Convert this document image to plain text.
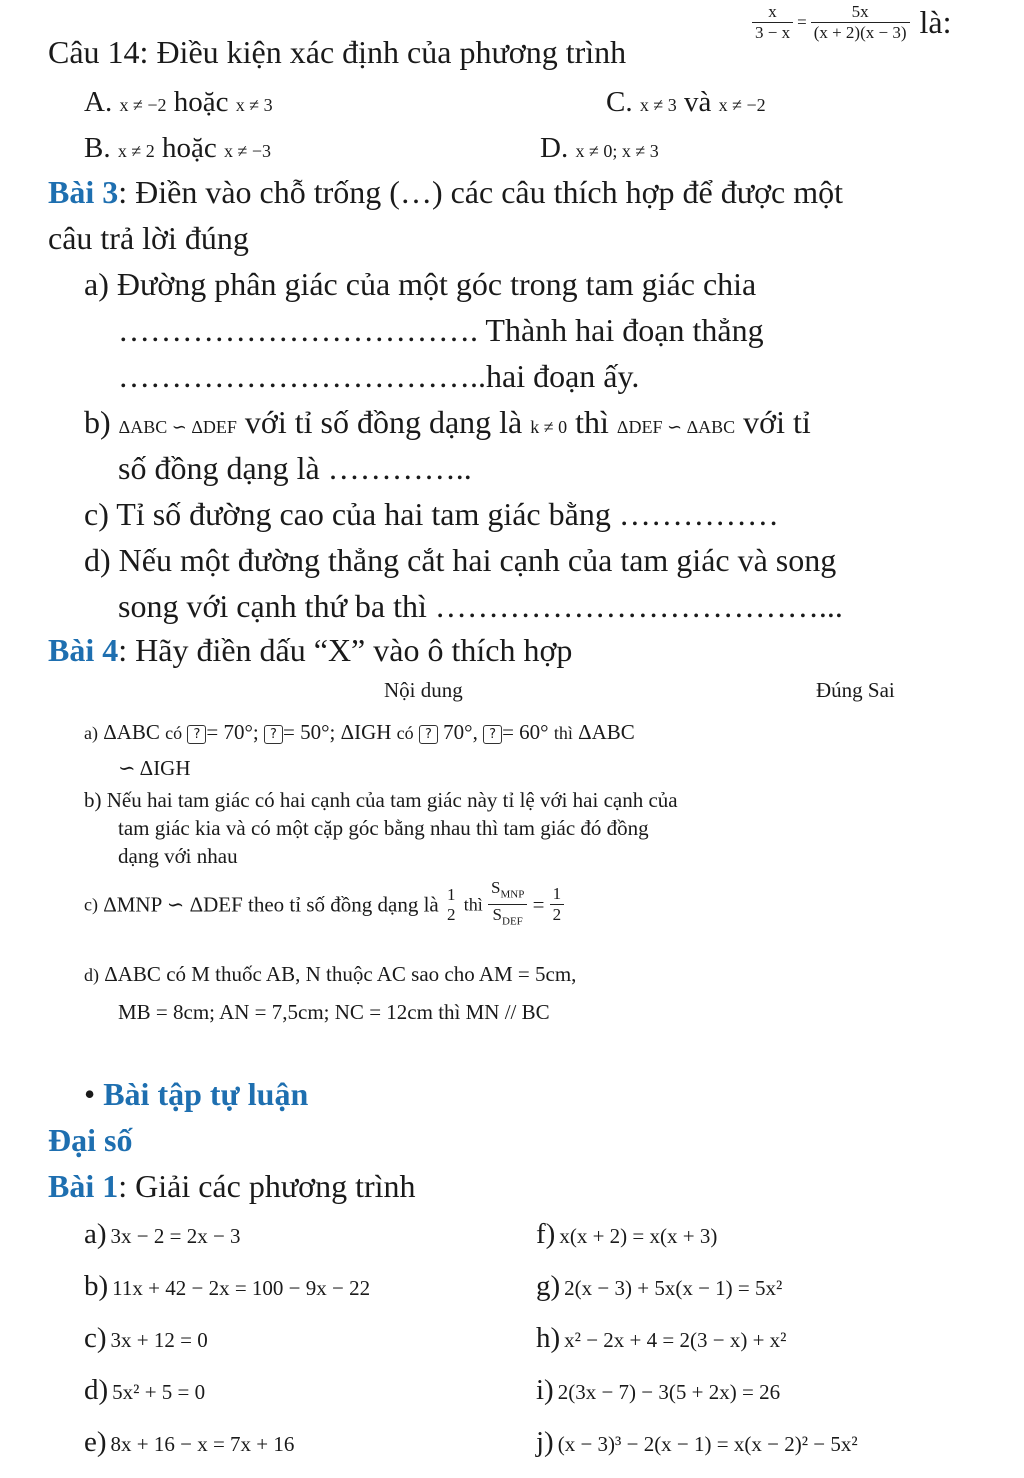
Câu 14: Điều kiện xác định của phương trình
$\frac{x}{3 - x} = \frac{5x}{(x + 2)(x - 3)}$ là:
A. x ≠ −2 hoặc x ≠ 3	C. x ≠ 3 và x ≠ −2
B. x ≠ 2 hoặc x ≠ −3	D. x ≠ 0; x ≠ 3
Bài 3: Điền vào chỗ trống (…) các câu thích hợp để được một
câu trả lời đúng
a) Đường phân giác của một góc trong tam giác chia
……………………………. Thành hai đoạn thẳng
……………………………..hai đoạn ấy.
b) ΔABC ∽ ΔDEF với tỉ số đồng dạng là k ≠ 0 thì ΔDEF ∽ ΔABC với tỉ
số đồng dạng là …………..
c) Tỉ số đường cao của hai tam giác bằng ……………
d) Nếu một đường thẳng cắt hai cạnh của tam giác và song
song với cạnh thứ ba thì ………………………………...
Bài 4: Hãy điền dấu “X” vào ô thích hợp
Nội dung	Đúng Sai
a) ΔABC có ? = 70°; ? = 50°; ΔIGH có ? 70°, ? = 60° thì ΔABC
∽ ΔIGH
b) Nếu hai tam giác có hai cạnh của tam giác này tỉ lệ với hai cạnh của
tam giác kia và có một cặp góc bằng nhau thì tam giác đó đồng
dạng với nhau
c) ΔMNP ∽ ΔDEF theo tỉ số đồng dạng là 1
2 thì $\frac{S_{MNP}}{S_{DEF}} = \frac{1}{2}$
d) ΔABC có M thuốc AB, N thuộc AC sao cho AM = 5cm,
MB = 8cm; AN = 7,5cm; NC = 12cm thì MN // BC
• Bài tập tự luận
Đại số
Bài 1: Giải các phương trình
a) 3x − 2 = 2x − 3
b) 11x + 42 − 2x = 100 − 9x − 22
c) 3x + 12 = 0
d) 5x² + 5 = 0
e) 8x + 16 − x = 7x + 16
f) x(x + 2) = x(x + 3)
g) 2(x − 3) + 5x(x − 1) = 5x²
h) x² − 2x + 4 = 2(3 − x) + x²
i) 2(3x − 7) − 3(5 + 2x) = 26
j) (x − 3)³ − 2(x − 1) = x(x − 2)² − 5x²
